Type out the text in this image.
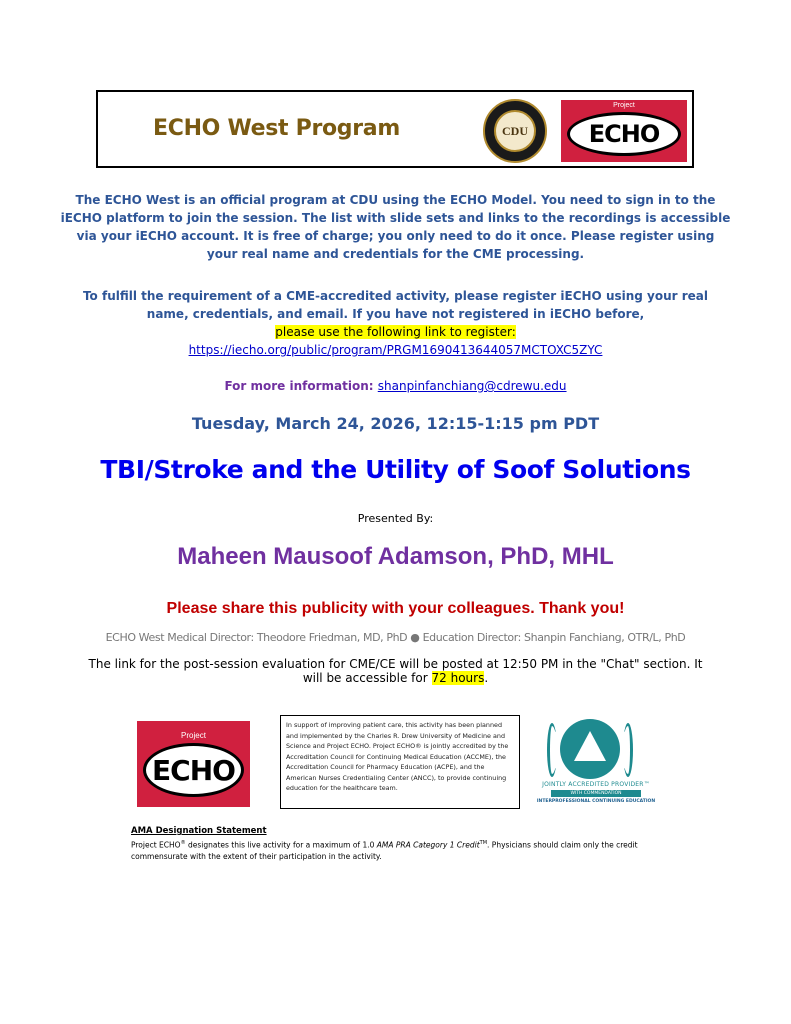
ECHO West Program	CDU
Project
ECHO
The ECHO West is an official program at CDU using the ECHO Model. You need to sign in to the iECHO platform to join the session. The list with slide sets and links to the recordings is accessible via your iECHO account. It is free of charge; you only need to do it once. Please register using your real name and credentials for the CME processing.
To fulfill the requirement of a CME-accredited activity, please register iECHO using your real name, credentials, and email. If you have not registered in iECHO before,
please use the following link to register:
https://iecho.org/public/program/PRGM1690413644057MCTOXC5ZYC
For more information: shanpinfanchiang@cdrewu.edu
Tuesday, March 24, 2026, 12:15-1:15 pm PDT
TBI/Stroke and the Utility of Soof Solutions
Presented By:
Maheen Mausoof Adamson, PhD, MHL
Please share this publicity with your colleagues. Thank you!
ECHO West Medical Director: Theodore Friedman, MD, PhD ● Education Director: Shanpin Fanchiang, OTR/L, PhD
The link for the post-session evaluation for CME/CE will be posted at 12:50 PM in the "Chat" section. It will be accessible for 72 hours.
Project
ECHO
In support of improving patient care, this activity has been planned and implemented by the Charles R. Drew University of Medicine and Science and Project ECHO. Project ECHO® is jointly accredited by the Accreditation Council for Continuing Medical Education (ACCME), the Accreditation Council for Pharmacy Education (ACPE), and the American Nurses Credentialing Center (ANCC), to provide continuing education for the healthcare team.	JOINTLY ACCREDITED PROVIDER™
WITH COMMENDATION
INTERPROFESSIONAL CONTINUING EDUCATION
AMA Designation Statement
Project ECHO® designates this live activity for a maximum of 1.0 AMA PRA Category 1 Credit™. Physicians should claim only the credit commensurate with the extent of their participation in the activity.
